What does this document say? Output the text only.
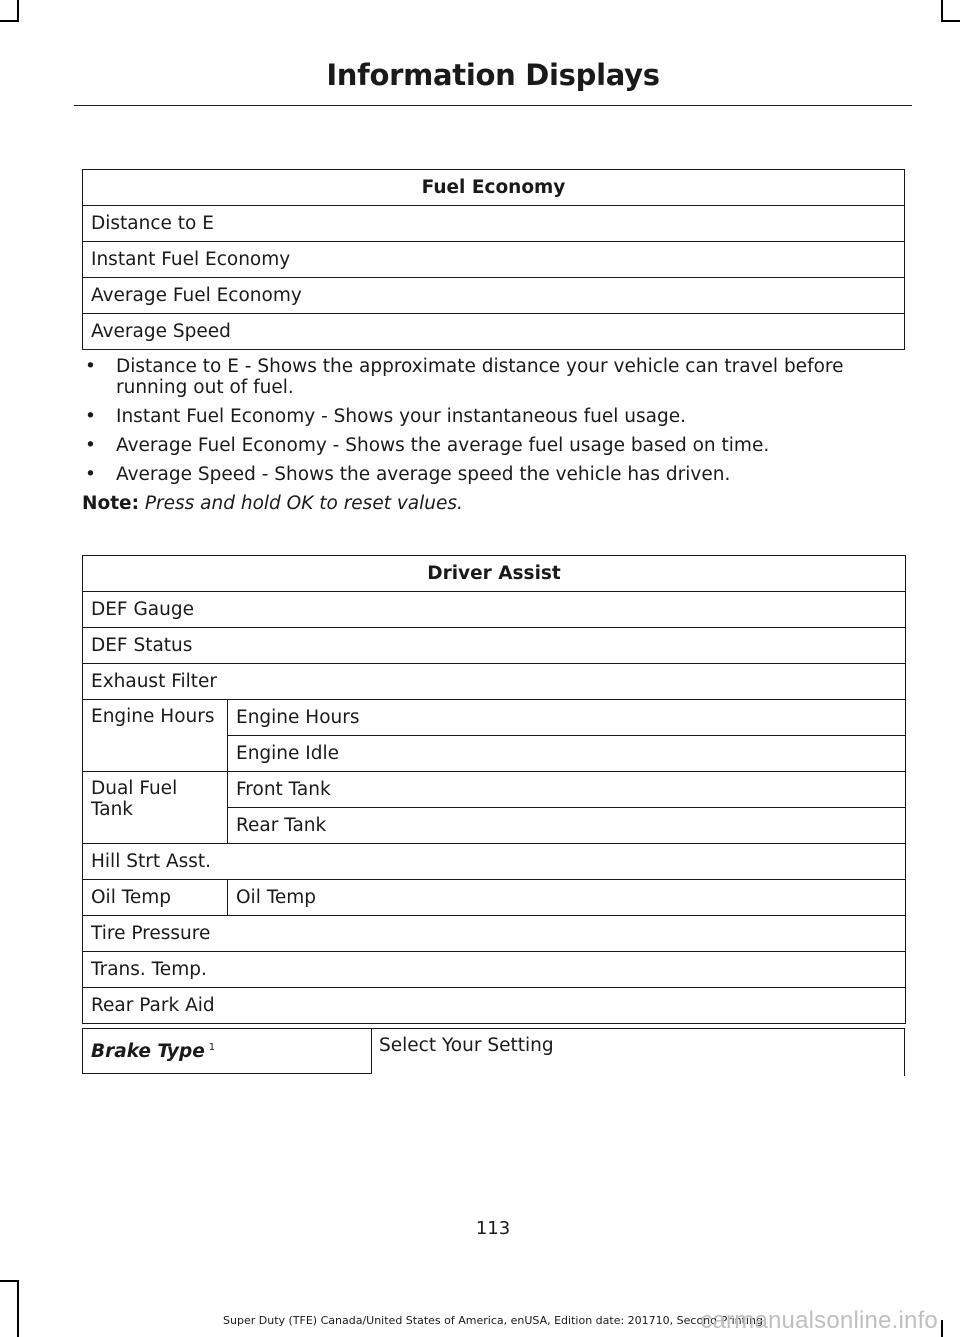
Information Displays
Fuel Economy
Distance to E
Instant Fuel Economy
Average Fuel Economy
Average Speed
• Distance to E - Shows the approximate distance your vehicle can travel before running out of fuel.
• Instant Fuel Economy - Shows your instantaneous fuel usage.
• Average Fuel Economy - Shows the average fuel usage based on time.
• Average Speed - Shows the average speed the vehicle has driven.
Note: Press and hold OK to reset values.
Driver Assist	
DEF Gauge	
DEF Status	
Exhaust Filter	
Engine Hours	Engine Hours
	Engine Idle
Dual Fuel Tank	Front Tank
	Rear Tank
Hill Strt Asst.	
Oil Temp	Oil Temp
Tire Pressure	
Trans. Temp.	
Rear Park Aid	
Brake Type $^1$	Select Your Setting
113
Super Duty (TFE) Canada/United States of America, enUSA, Edition date: 201710, Second Printing
carmanualsonline.info
